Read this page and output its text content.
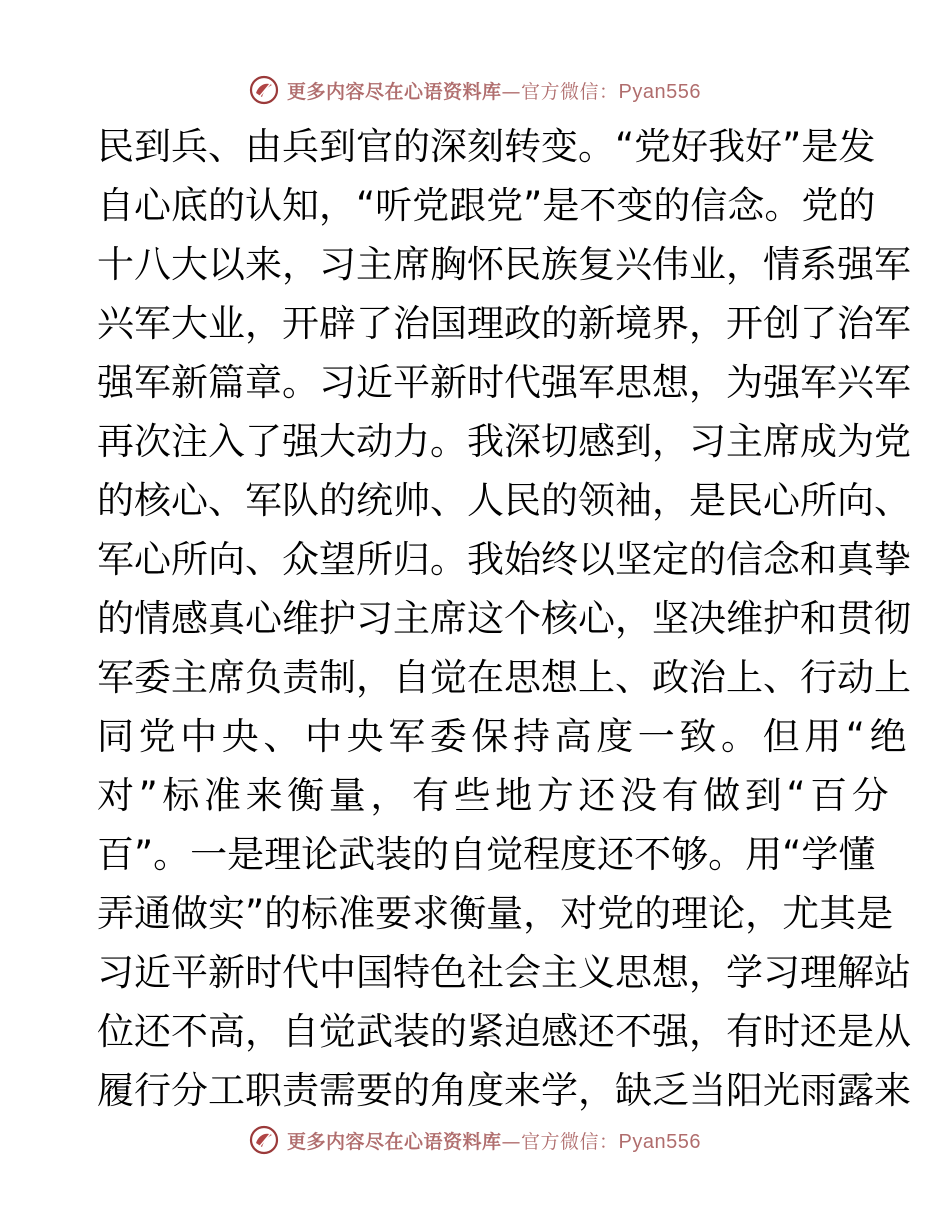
更多内容尽在心语资料库—官方微信：Pyan556
民到兵、由兵到官的深刻转变。“党好我好”是发
自心底的认知，“听党跟党”是不变的信念。党的
十八大以来，习主席胸怀民族复兴伟业，情系强军
兴军大业，开辟了治国理政的新境界，开创了治军
强军新篇章。习近平新时代强军思想，为强军兴军
再次注入了强大动力。我深切感到，习主席成为党
的核心、军队的统帅、人民的领袖，是民心所向、
军心所向、众望所归。我始终以坚定的信念和真挚
的情感真心维护习主席这个核心，坚决维护和贯彻
军委主席负责制，自觉在思想上、政治上、行动上
同党中央、中央军委保持高度一致。但用“绝
对”标准来衡量，有些地方还没有做到“百分
百”。一是理论武装的自觉程度还不够。用“学懂
弄通做实”的标准要求衡量，对党的理论，尤其是
习近平新时代中国特色社会主义思想，学习理解站
位还不高，自觉武装的紧迫感还不强，有时还是从
履行分工职责需要的角度来学，缺乏当阳光雨露来
更多内容尽在心语资料库—官方微信：Pyan556
